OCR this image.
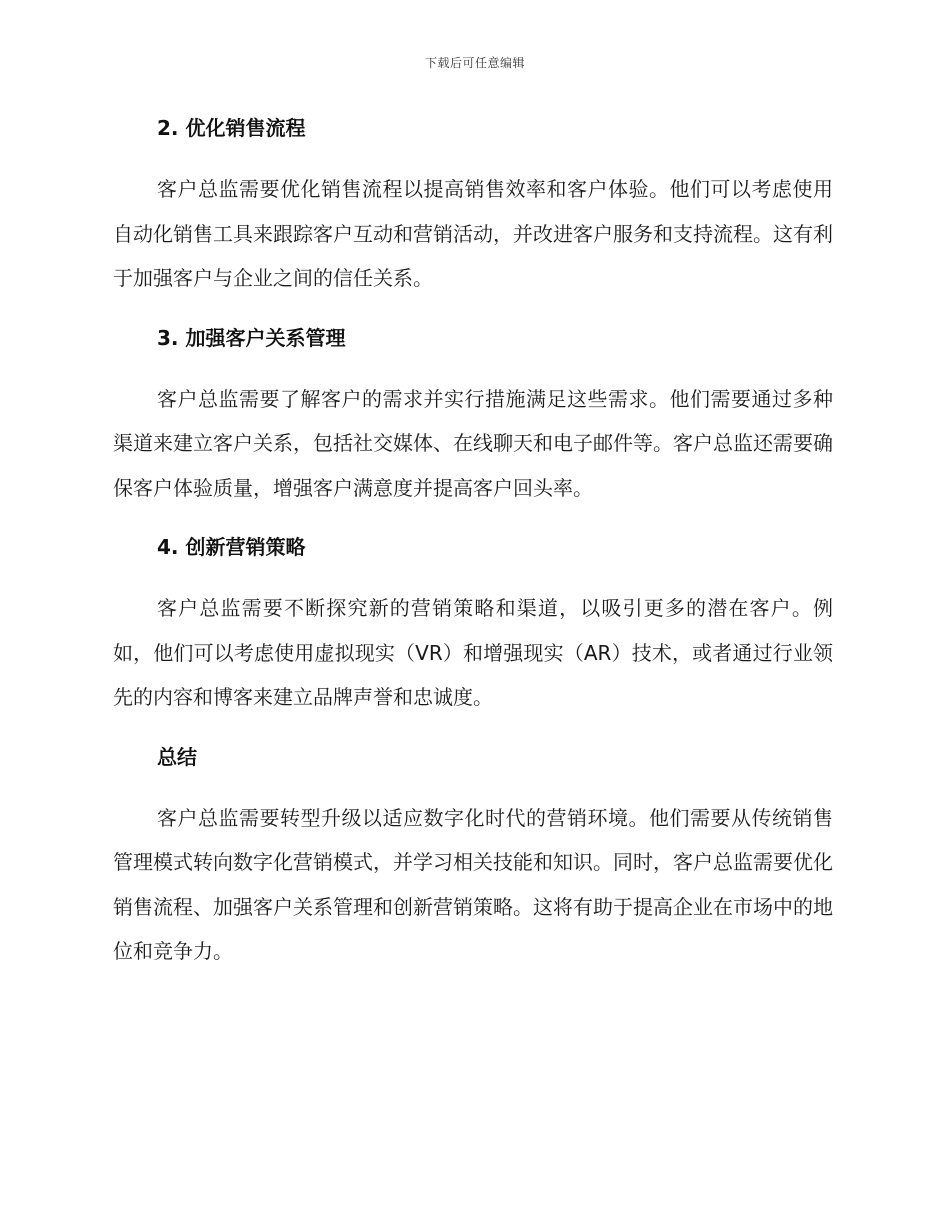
下载后可任意编辑
2. 优化销售流程

客户总监需要优化销售流程以提高销售效率和客户体验。他们可以考虑使用自动化销售工具来跟踪客户互动和营销活动，并改进客户服务和支持流程。这有利于加强客户与企业之间的信任关系。

3. 加强客户关系管理

客户总监需要了解客户的需求并实行措施满足这些需求。他们需要通过多种渠道来建立客户关系，包括社交媒体、在线聊天和电子邮件等。客户总监还需要确保客户体验质量，增强客户满意度并提高客户回头率。

4. 创新营销策略

客户总监需要不断探究新的营销策略和渠道，以吸引更多的潜在客户。例如，他们可以考虑使用虚拟现实（VR）和增强现实（AR）技术，或者通过行业领先的内容和博客来建立品牌声誉和忠诚度。

总结

客户总监需要转型升级以适应数字化时代的营销环境。他们需要从传统销售管理模式转向数字化营销模式，并学习相关技能和知识。同时，客户总监需要优化销售流程、加强客户关系管理和创新营销策略。这将有助于提高企业在市场中的地位和竞争力。
